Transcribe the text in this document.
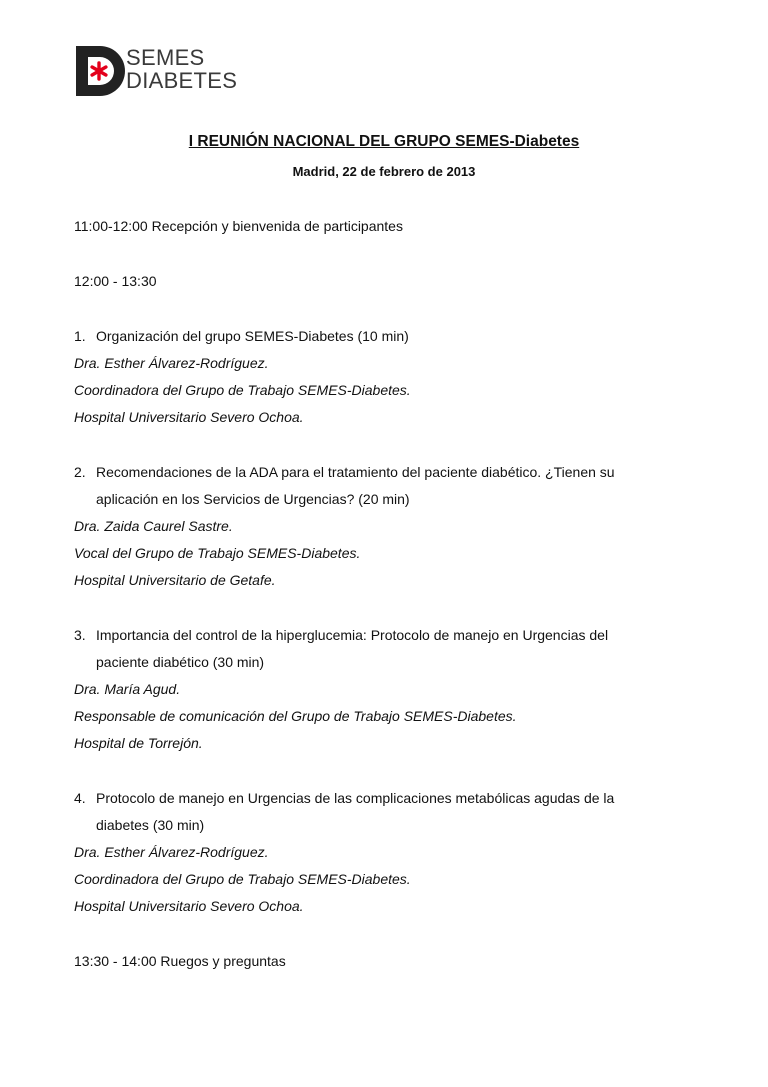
SEMES
DIABETES
I REUNIÓN NACIONAL DEL GRUPO SEMES-Diabetes
Madrid, 22 de febrero de 2013
11:00-12:00 Recepción y bienvenida de participantes
12:00 - 13:30
1. Organización del grupo SEMES-Diabetes (10 min)
Dra. Esther Álvarez-Rodríguez.
Coordinadora del Grupo de Trabajo SEMES-Diabetes.
Hospital Universitario Severo Ochoa.
2. Recomendaciones de la ADA para el tratamiento del paciente diabético. ¿Tienen su
aplicación en los Servicios de Urgencias? (20 min)
Dra. Zaida Caurel Sastre.
Vocal del Grupo de Trabajo SEMES-Diabetes.
Hospital Universitario de Getafe.
3. Importancia del control de la hiperglucemia: Protocolo de manejo en Urgencias del
paciente diabético (30 min)
Dra. María Agud.
Responsable de comunicación del Grupo de Trabajo SEMES-Diabetes.
Hospital de Torrejón.
4. Protocolo de manejo en Urgencias de las complicaciones metabólicas agudas de la
diabetes (30 min)
Dra. Esther Álvarez-Rodríguez.
Coordinadora del Grupo de Trabajo SEMES-Diabetes.
Hospital Universitario Severo Ochoa.
13:30 - 14:00 Ruegos y preguntas
